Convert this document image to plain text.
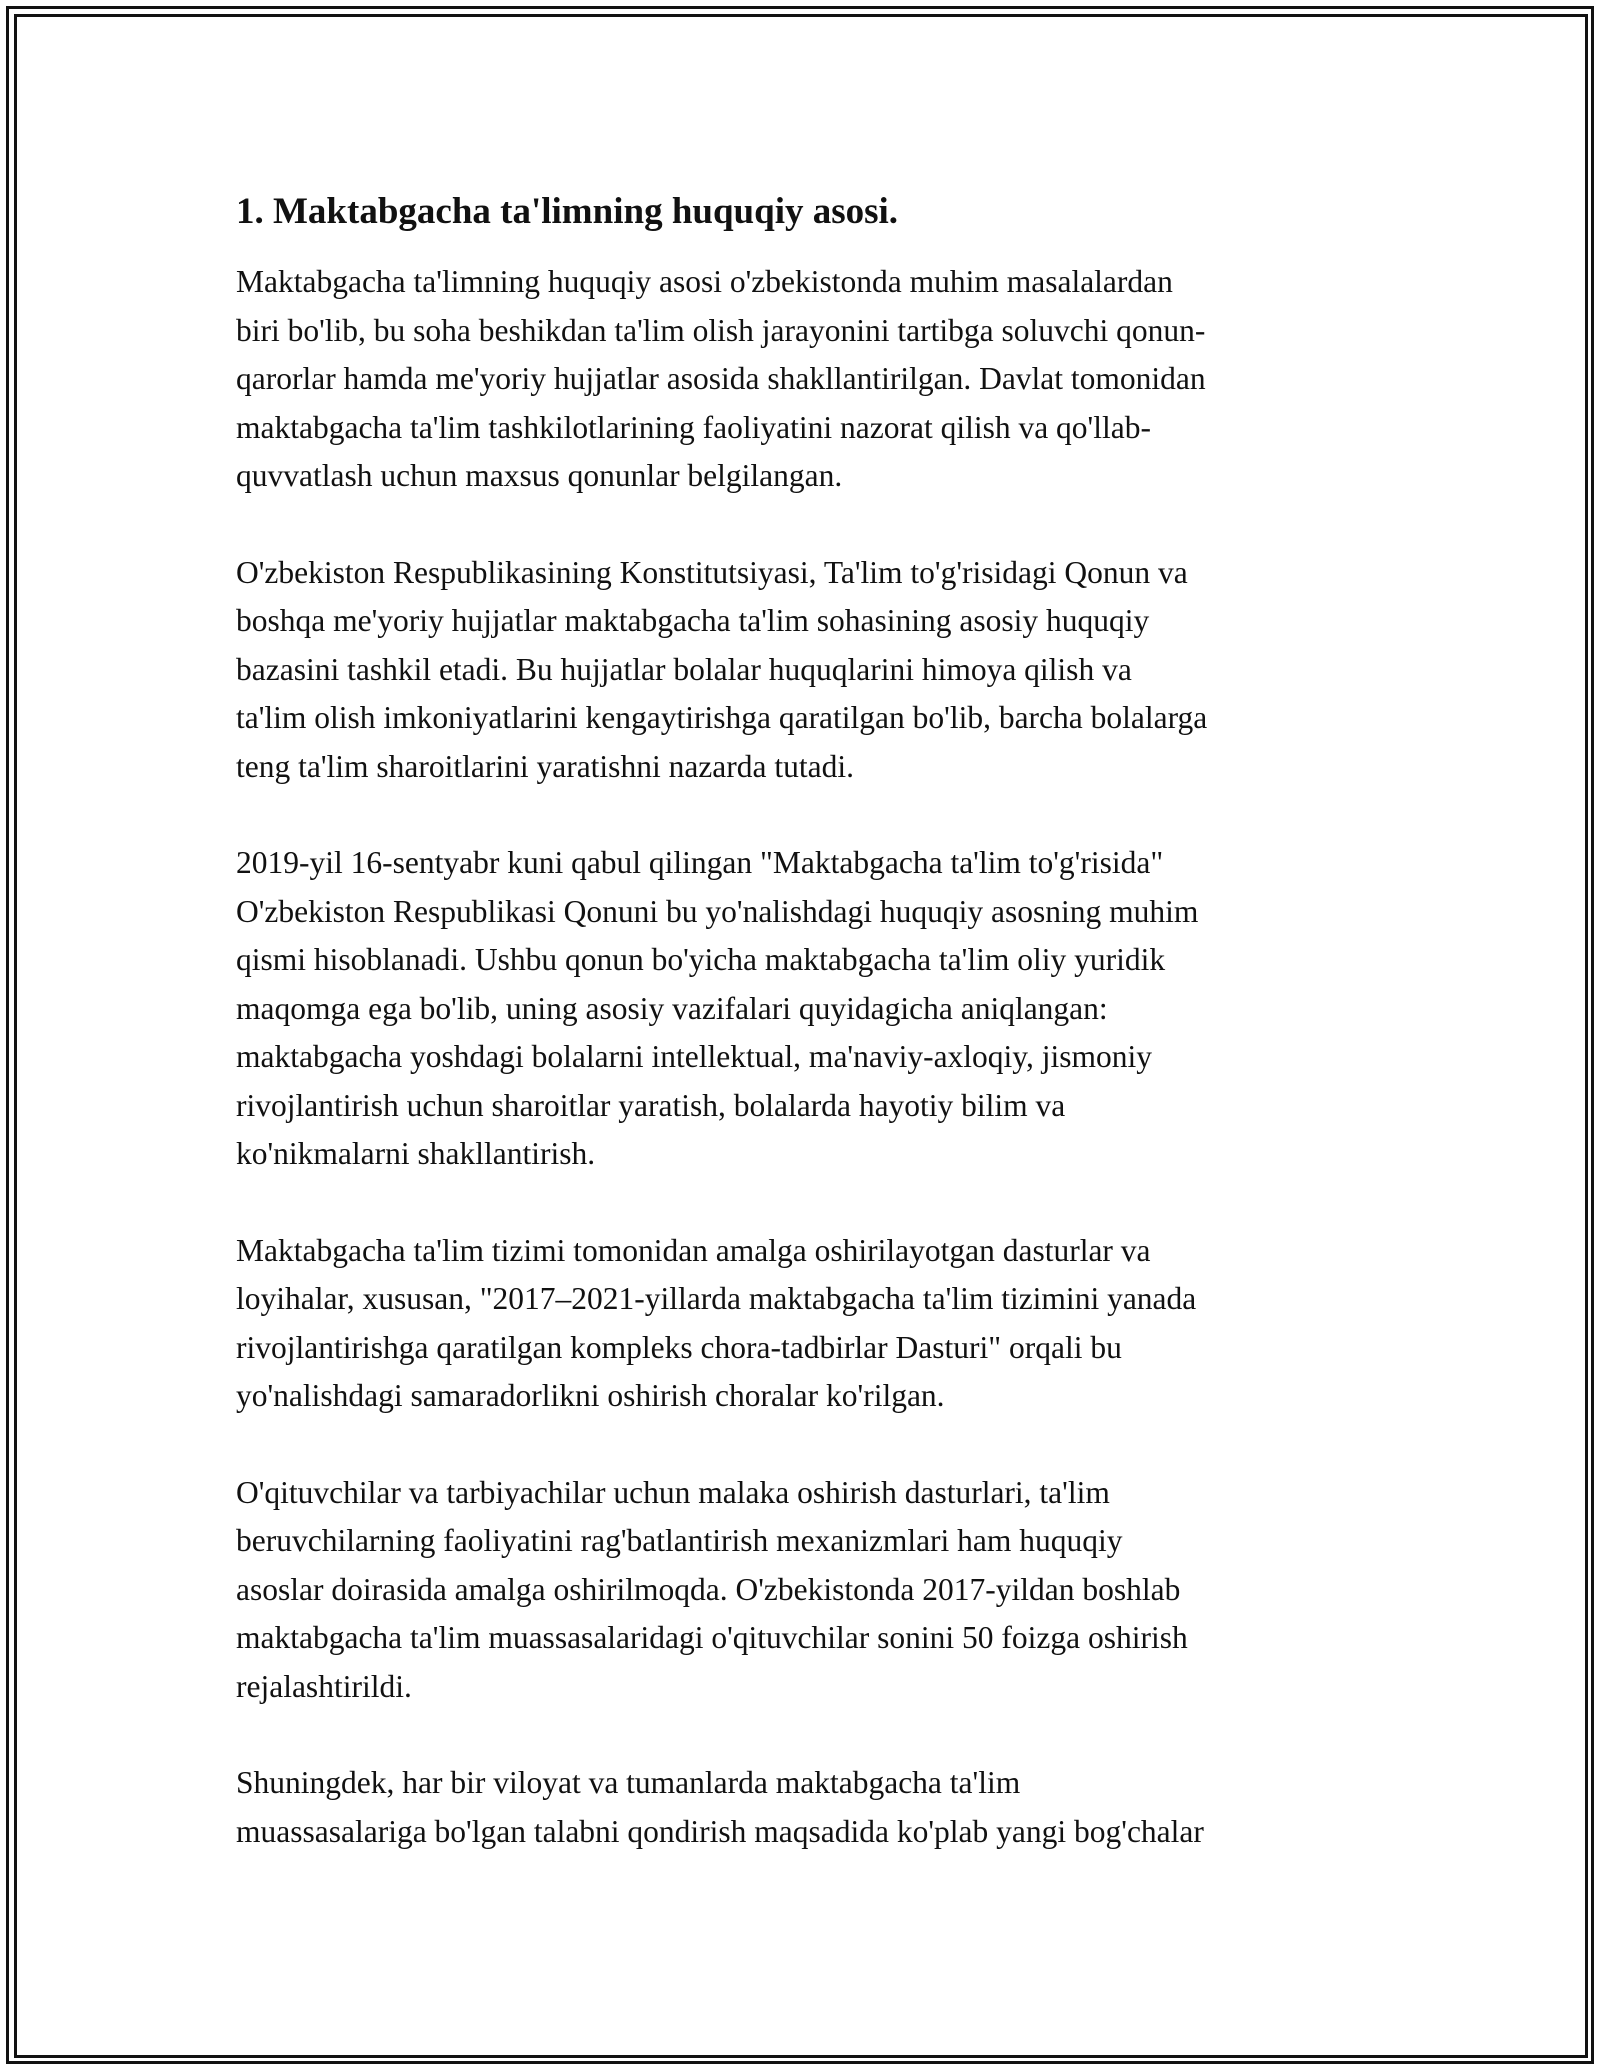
1. Maktabgacha ta'limning huquqiy asosi.

Maktabgacha ta'limning huquqiy asosi o'zbekistonda muhim masalalardan
biri bo'lib, bu soha beshikdan ta'lim olish jarayonini tartibga soluvchi qonun-
qarorlar hamda me'yoriy hujjatlar asosida shakllantirilgan. Davlat tomonidan
maktabgacha ta'lim tashkilotlarining faoliyatini nazorat qilish va qo'llab-
quvvatlash uchun maxsus qonunlar belgilangan.

O'zbekiston Respublikasining Konstitutsiyasi, Ta'lim to'g'risidagi Qonun va
boshqa me'yoriy hujjatlar maktabgacha ta'lim sohasining asosiy huquqiy
bazasini tashkil etadi. Bu hujjatlar bolalar huquqlarini himoya qilish va
ta'lim olish imkoniyatlarini kengaytirishga qaratilgan bo'lib, barcha bolalarga
teng ta'lim sharoitlarini yaratishni nazarda tutadi.

2019-yil 16-sentyabr kuni qabul qilingan "Maktabgacha ta'lim to'g'risida"
O'zbekiston Respublikasi Qonuni bu yo'nalishdagi huquqiy asosning muhim
qismi hisoblanadi. Ushbu qonun bo'yicha maktabgacha ta'lim oliy yuridik
maqomga ega bo'lib, uning asosiy vazifalari quyidagicha aniqlangan:
maktabgacha yoshdagi bolalarni intellektual, ma'naviy-axloqiy, jismoniy
rivojlantirish uchun sharoitlar yaratish, bolalarda hayotiy bilim va
ko'nikmalarni shakllantirish.

Maktabgacha ta'lim tizimi tomonidan amalga oshirilayotgan dasturlar va
loyihalar, xususan, "2017–2021-yillarda maktabgacha ta'lim tizimini yanada
rivojlantirishga qaratilgan kompleks chora-tadbirlar Dasturi" orqali bu
yo'nalishdagi samaradorlikni oshirish choralar ko'rilgan.

O'qituvchilar va tarbiyachilar uchun malaka oshirish dasturlari, ta'lim
beruvchilarning faoliyatini rag'batlantirish mexanizmlari ham huquqiy
asoslar doirasida amalga oshirilmoqda. O'zbekistonda 2017-yildan boshlab
maktabgacha ta'lim muassasalaridagi o'qituvchilar sonini 50 foizga oshirish
rejalashtirildi.

Shuningdek, har bir viloyat va tumanlarda maktabgacha ta'lim
muassasalariga bo'lgan talabni qondirish maqsadida ko'plab yangi bog'chalar
